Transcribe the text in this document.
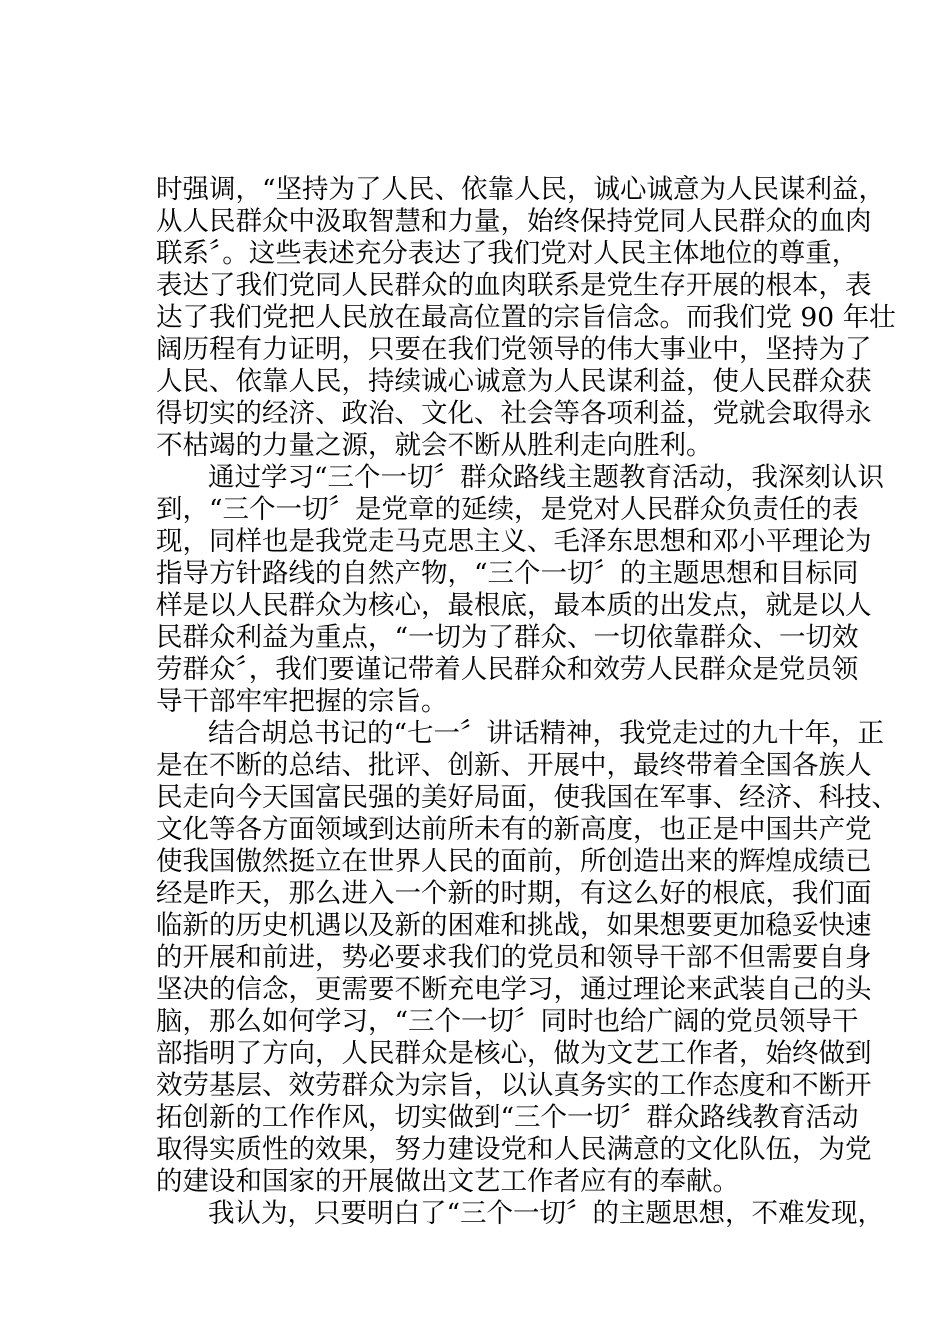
时强调，“坚持为了人民、依靠人民，诚心诚意为人民谋利益，
从人民群众中汲取智慧和力量，始终保持党同人民群众的血肉
联系〞。这些表述充分表达了我们党对人民主体地位的尊重，
表达了我们党同人民群众的血肉联系是党生存开展的根本，表
达了我们党把人民放在最高位置的宗旨信念。而我们党 90 年壮
阔历程有力证明，只要在我们党领导的伟大事业中，坚持为了
人民、依靠人民，持续诚心诚意为人民谋利益，使人民群众获
得切实的经济、政治、文化、社会等各项利益，党就会取得永
不枯竭的力量之源，就会不断从胜利走向胜利。
通过学习“三个一切〞群众路线主题教育活动，我深刻认识
到，“三个一切〞是党章的延续，是党对人民群众负责任的表
现，同样也是我党走马克思主义、毛泽东思想和邓小平理论为
指导方针路线的自然产物，“三个一切〞的主题思想和目标同
样是以人民群众为核心，最根底，最本质的出发点，就是以人
民群众利益为重点，“一切为了群众、一切依靠群众、一切效
劳群众〞，我们要谨记带着人民群众和效劳人民群众是党员领
导干部牢牢把握的宗旨。
结合胡总书记的“七一〞讲话精神，我党走过的九十年，正
是在不断的总结、批评、创新、开展中，最终带着全国各族人
民走向今天国富民强的美好局面，使我国在军事、经济、科技、
文化等各方面领域到达前所未有的新高度，也正是中国共产党
使我国傲然挺立在世界人民的面前，所创造出来的辉煌成绩已
经是昨天，那么进入一个新的时期，有这么好的根底，我们面
临新的历史机遇以及新的困难和挑战，如果想要更加稳妥快速
的开展和前进，势必要求我们的党员和领导干部不但需要自身
坚决的信念，更需要不断充电学习，通过理论来武装自己的头
脑，那么如何学习，“三个一切〞同时也给广阔的党员领导干
部指明了方向，人民群众是核心，做为文艺工作者，始终做到
效劳基层、效劳群众为宗旨，以认真务实的工作态度和不断开
拓创新的工作作风，切实做到“三个一切〞群众路线教育活动
取得实质性的效果，努力建设党和人民满意的文化队伍，为党
的建设和国家的开展做出文艺工作者应有的奉献。
我认为，只要明白了“三个一切〞的主题思想，不难发现，
